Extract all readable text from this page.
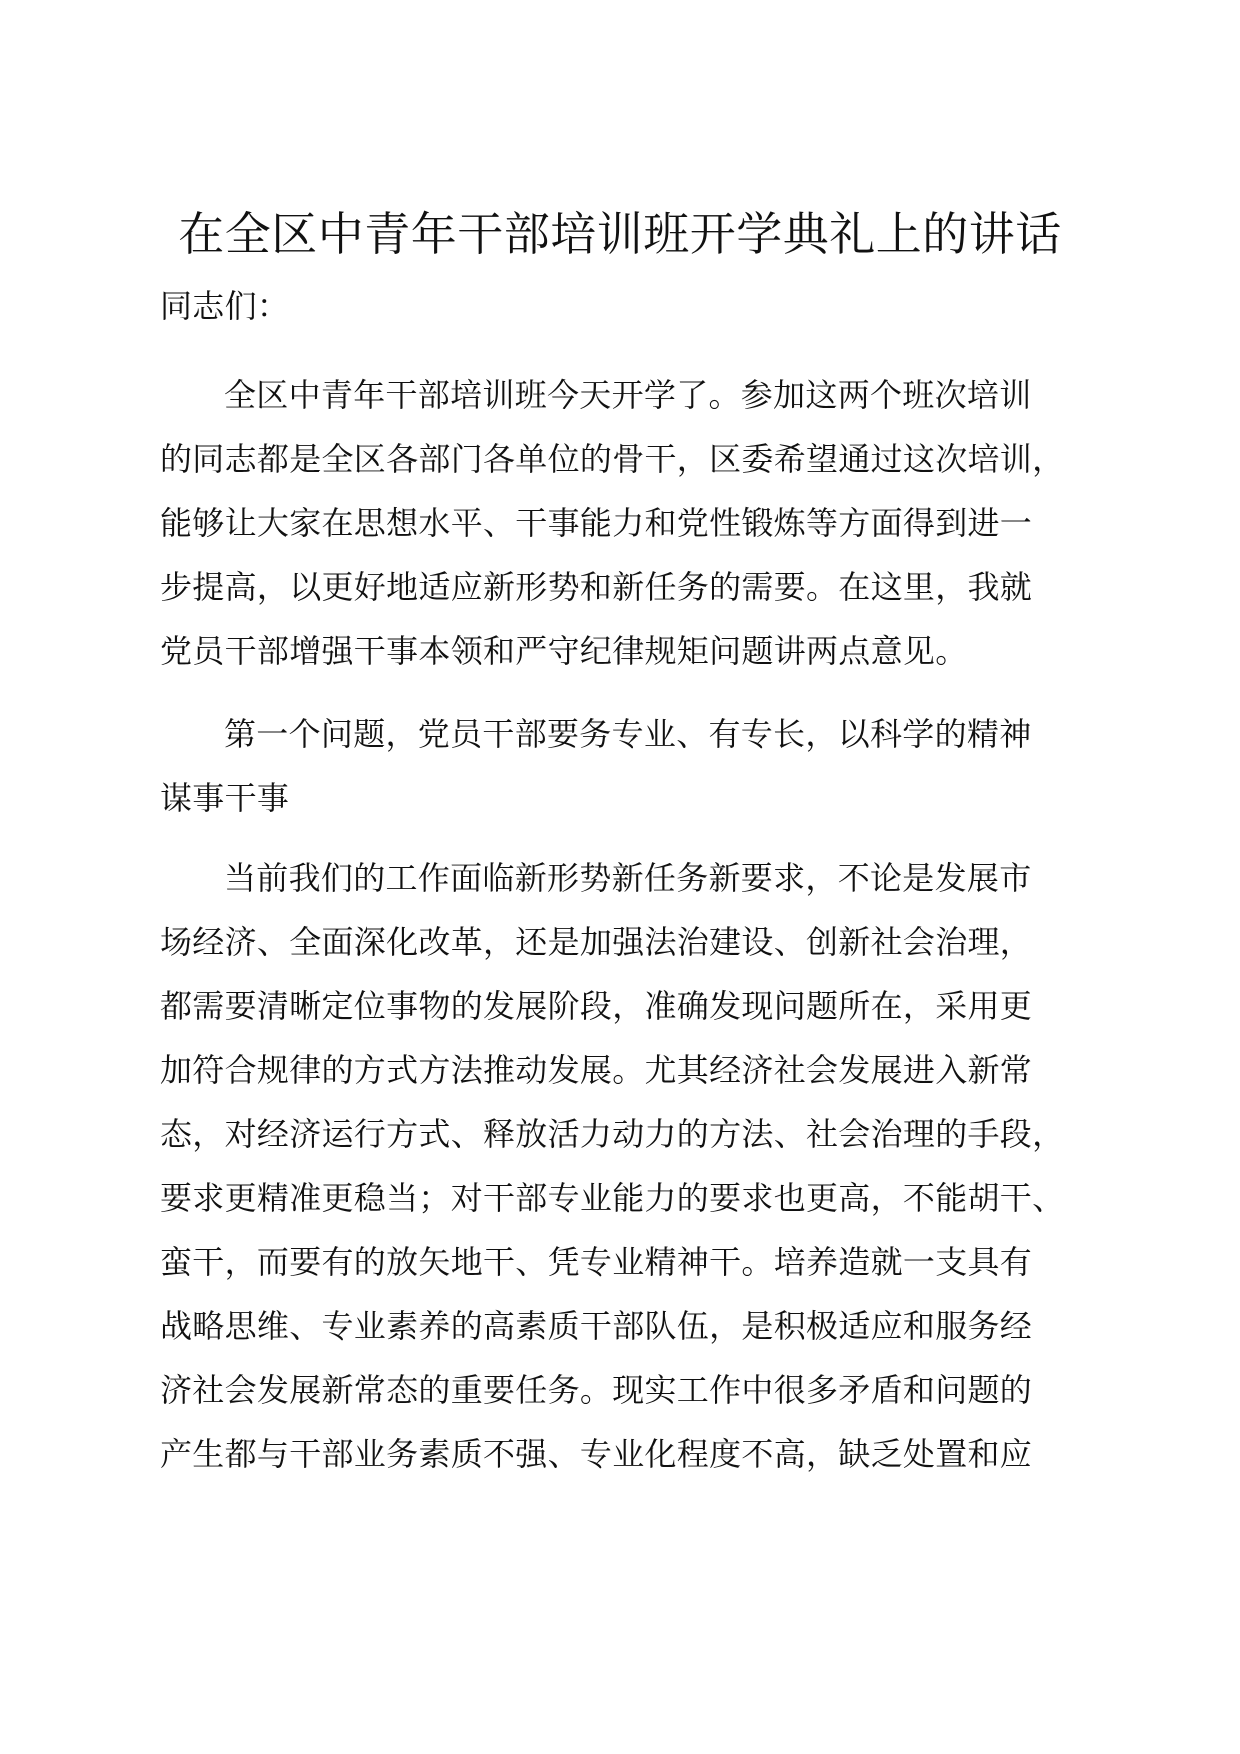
在全区中青年干部培训班开学典礼上的讲话

同志们：

全区中青年干部培训班今天开学了。参加这两个班次培训
的同志都是全区各部门各单位的骨干，区委希望通过这次培训，
能够让大家在思想水平、干事能力和党性锻炼等方面得到进一
步提高，以更好地适应新形势和新任务的需要。在这里，我就
党员干部增强干事本领和严守纪律规矩问题讲两点意见。
第一个问题，党员干部要务专业、有专长，以科学的精神
谋事干事
当前我们的工作面临新形势新任务新要求，不论是发展市
场经济、全面深化改革，还是加强法治建设、创新社会治理，
都需要清晰定位事物的发展阶段，准确发现问题所在，采用更
加符合规律的方式方法推动发展。尤其经济社会发展进入新常
态，对经济运行方式、释放活力动力的方法、社会治理的手段，
要求更精准更稳当；对干部专业能力的要求也更高，不能胡干、
蛮干，而要有的放矢地干、凭专业精神干。培养造就一支具有
战略思维、专业素养的高素质干部队伍，是积极适应和服务经
济社会发展新常态的重要任务。现实工作中很多矛盾和问题的
产生都与干部业务素质不强、专业化程度不高，缺乏处置和应
